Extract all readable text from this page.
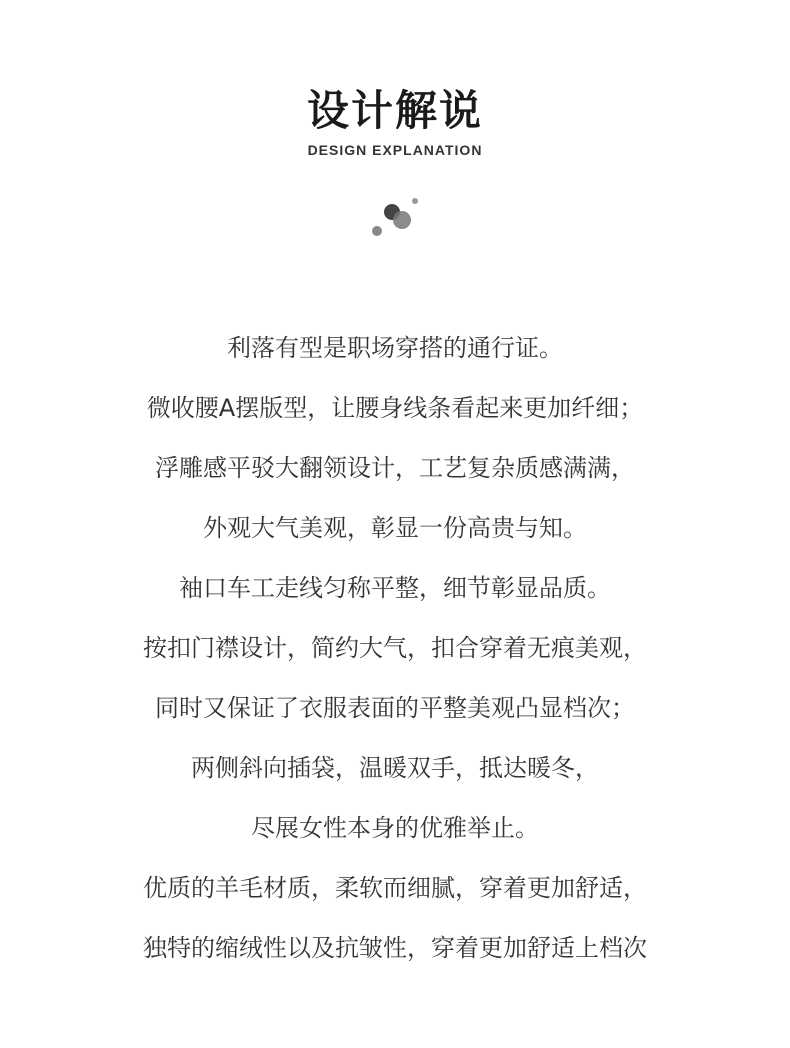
设计解说
DESIGN EXPLANATION
利落有型是职场穿搭的通行证。
微收腰A摆版型，让腰身线条看起来更加纤细；
浮雕感平驳大翻领设计，工艺复杂质感满满，
外观大气美观，彰显一份高贵与知。
袖口车工走线匀称平整，细节彰显品质。
按扣门襟设计，简约大气，扣合穿着无痕美观，
同时又保证了衣服表面的平整美观凸显档次；
两侧斜向插袋，温暖双手，抵达暖冬，
尽展女性本身的优雅举止。
优质的羊毛材质，柔软而细腻，穿着更加舒适，
独特的缩绒性以及抗皱性，穿着更加舒适上档次
